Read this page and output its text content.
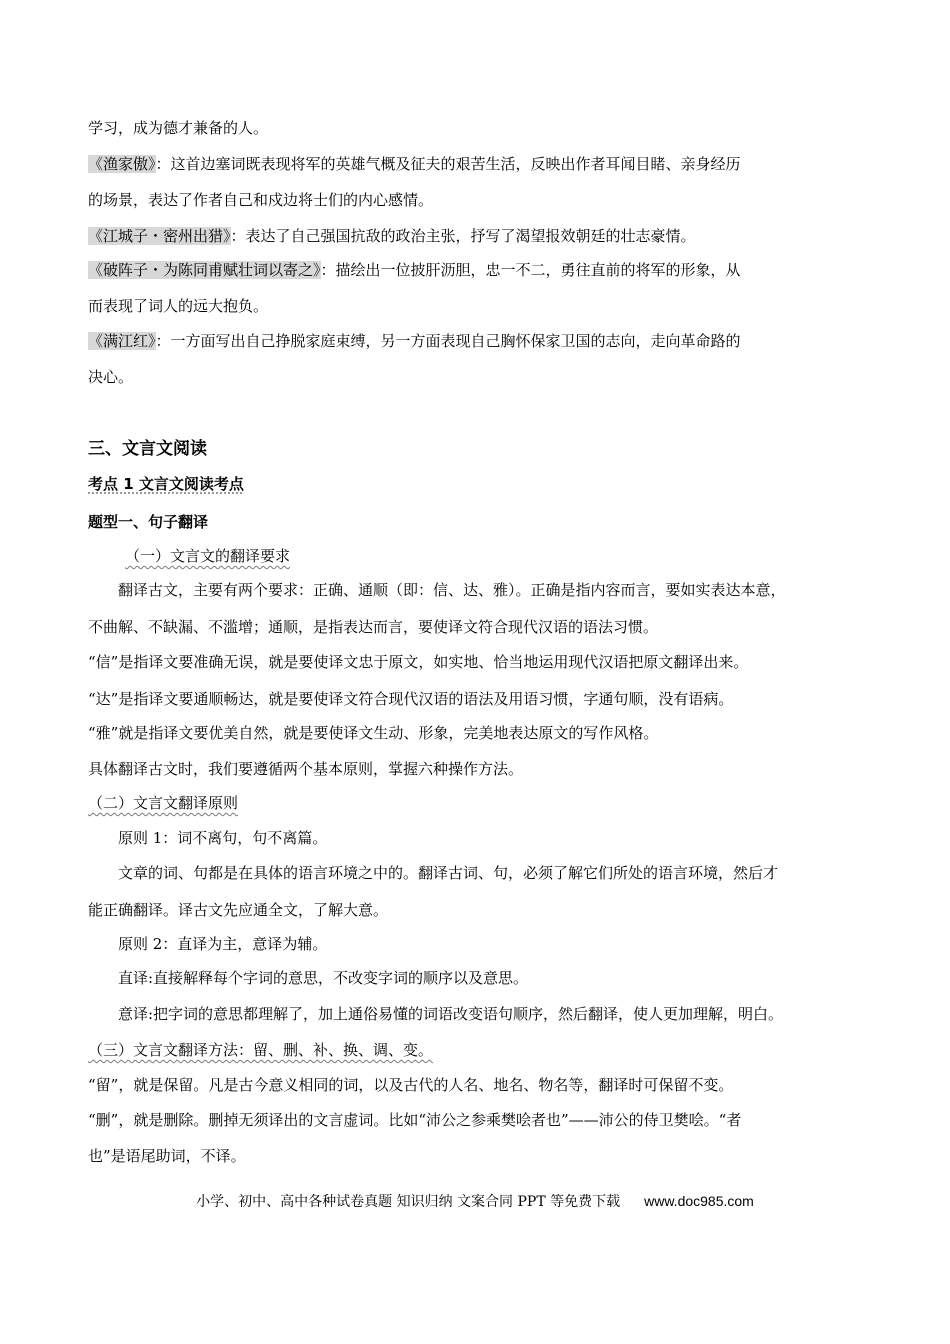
学习，成为德才兼备的人。
《渔家傲》：这首边塞词既表现将军的英雄气概及征夫的艰苦生活，反映出作者耳闻目睹、亲身经历
的场景，表达了作者自己和戍边将士们的内心感情。
《江城子・密州出猎》：表达了自己强国抗敌的政治主张，抒写了渴望报效朝廷的壮志豪情。
《破阵子・为陈同甫赋壮词以寄之》：描绘出一位披肝沥胆，忠一不二，勇往直前的将军的形象，从
而表现了词人的远大抱负。
《满江红》：一方面写出自己挣脱家庭束缚，另一方面表现自己胸怀保家卫国的志向，走向革命路的
决心。
三、文言文阅读
考点 1 文言文阅读考点
题型一、句子翻译
（一）文言文的翻译要求
翻译古文，主要有两个要求：正确、通顺（即：信、达、雅）。正确是指内容而言，要如实表达本意，
不曲解、不缺漏、不滥增；通顺，是指表达而言，要使译文符合现代汉语的语法习惯。
“信”是指译文要准确无误，就是要使译文忠于原文，如实地、恰当地运用现代汉语把原文翻译出来。
“达”是指译文要通顺畅达，就是要使译文符合现代汉语的语法及用语习惯，字通句顺，没有语病。
“雅”就是指译文要优美自然，就是要使译文生动、形象，完美地表达原文的写作风格。
具体翻译古文时，我们要遵循两个基本原则，掌握六种操作方法。
（二）文言文翻译原则
原则 1：词不离句，句不离篇。
文章的词、句都是在具体的语言环境之中的。翻译古词、句，必须了解它们所处的语言环境，然后才
能正确翻译。译古文先应通全文，了解大意。
原则 2：直译为主，意译为辅。
直译:直接解释每个字词的意思，不改变字词的顺序以及意思。
意译:把字词的意思都理解了，加上通俗易懂的词语改变语句顺序，然后翻译，使人更加理解，明白。
（三）文言文翻译方法：留、删、补、换、调、变。
“留”，就是保留。凡是古今意义相同的词，以及古代的人名、地名、物名等，翻译时可保留不变。
“删”，就是删除。删掉无须译出的文言虚词。比如“沛公之参乘樊哙者也”——沛公的侍卫樊哙。“者
也”是语尾助词，不译。
小学、初中、高中各种试卷真题 知识归纳 文案合同 PPT 等免费下载 www.doc985.com
